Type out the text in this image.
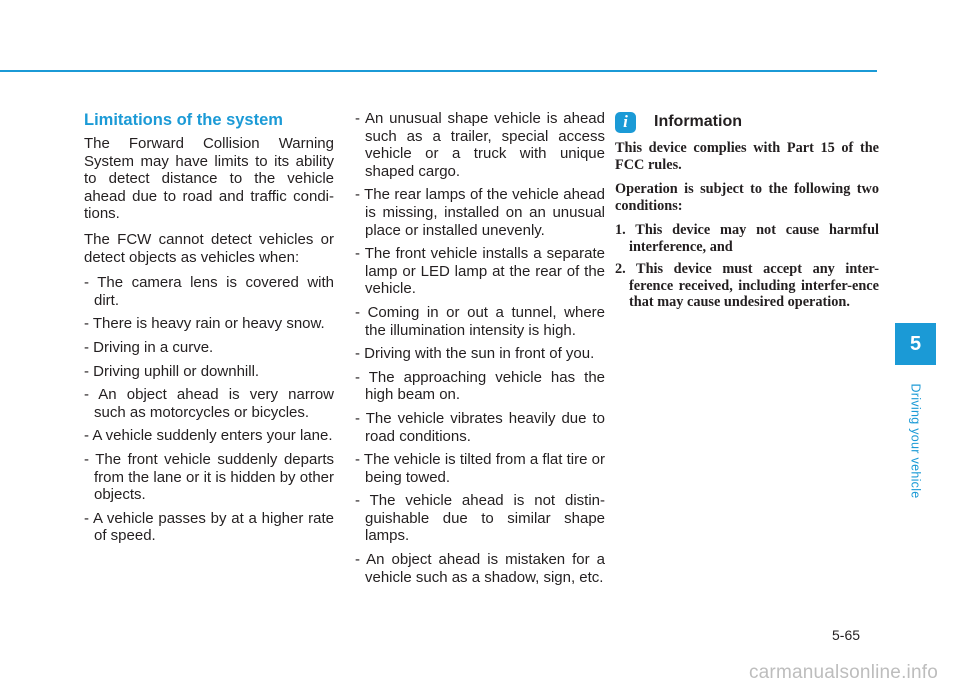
Limitations of the system

The Forward Collision Warning System may have limits to its ability to detect distance to the vehicle ahead due to road and traffic condi-tions.

The FCW cannot detect vehicles or detect objects as vehicles when:

- The camera lens is covered with dirt.
- There is heavy rain or heavy snow.
- Driving in a curve.
- Driving uphill or downhill.
- An object ahead is very narrow such as motorcycles or bicycles.
- A vehicle suddenly enters your lane.
- The front vehicle suddenly departs from the lane or it is hidden by other objects.
- A vehicle passes by at a higher rate of speed.
- An unusual shape vehicle is ahead such as a trailer, special access vehicle or a truck with unique shaped cargo.
- The rear lamps of the vehicle ahead is missing, installed on an unusual place or installed unevenly.
- The front vehicle installs a separate lamp or LED lamp at the rear of the vehicle.
- Coming in or out a tunnel, where the illumination intensity is high.
- Driving with the sun in front of you.
- The approaching vehicle has the high beam on.
- The vehicle vibrates heavily due to road conditions.
- The vehicle is tilted from a flat tire or being towed.
- The vehicle ahead is not distin-guishable due to similar shape lamps.
- An object ahead is mistaken for a vehicle such as a shadow, sign, etc.
i	Information

This device complies with Part 15 of the FCC rules.

Operation is subject to the following two conditions:

1. This device may not cause harmful interference, and
2. This device must accept any inter-ference received, including interfer-ence that may cause undesired operation.
5
Driving your vehicle
5-65
carmanualsonline.info
